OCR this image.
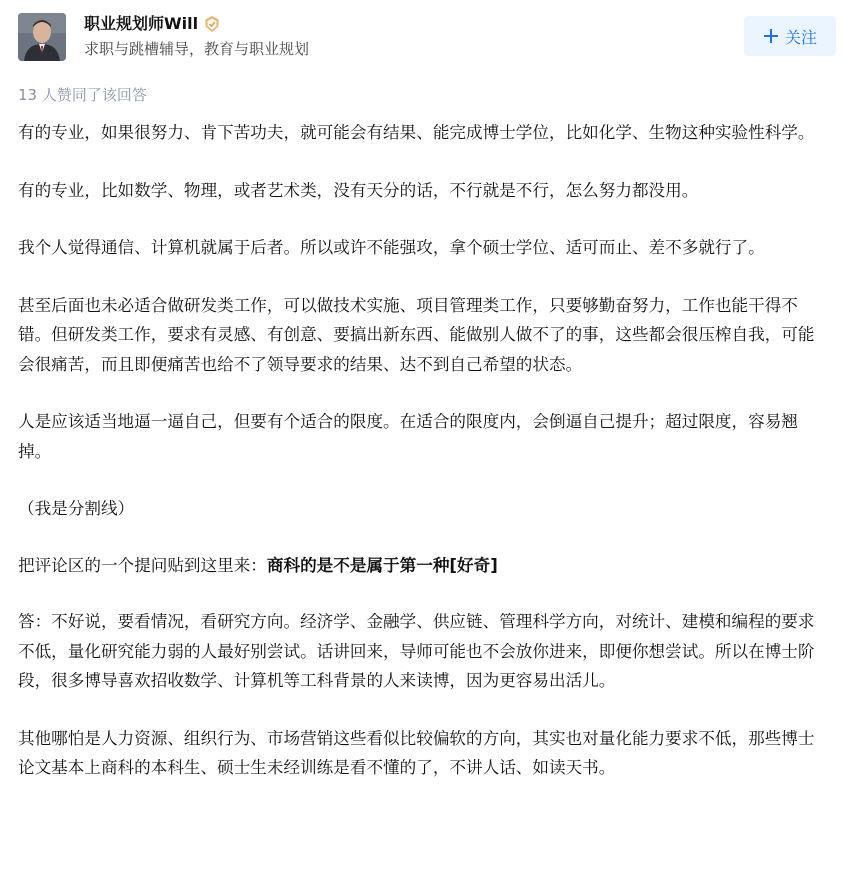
职业规划师Will
求职与跳槽辅导，教育与职业规划
关注
13 人赞同了该回答

有的专业，如果很努力、肯下苦功夫，就可能会有结果、能完成博士学位，比如化学、生物这种实验性科学。

有的专业，比如数学、物理，或者艺术类，没有天分的话，不行就是不行，怎么努力都没用。

我个人觉得通信、计算机就属于后者。所以或许不能强攻，拿个硕士学位、适可而止、差不多就行了。

甚至后面也未必适合做研发类工作，可以做技术实施、项目管理类工作，只要够勤奋努力，工作也能干得不错。但研发类工作，要求有灵感、有创意、要搞出新东西、能做别人做不了的事，这些都会很压榨自我，可能会很痛苦，而且即便痛苦也给不了领导要求的结果、达不到自己希望的状态。

人是应该适当地逼一逼自己，但要有个适合的限度。在适合的限度内，会倒逼自己提升；超过限度，容易翘掉。

（我是分割线）

把评论区的一个提问贴到这里来：商科的是不是属于第一种[好奇]

答：不好说，要看情况，看研究方向。经济学、金融学、供应链、管理科学方向，对统计、建模和编程的要求不低，量化研究能力弱的人最好别尝试。话讲回来，导师可能也不会放你进来，即便你想尝试。所以在博士阶段，很多博导喜欢招收数学、计算机等工科背景的人来读博，因为更容易出活儿。

其他哪怕是人力资源、组织行为、市场营销这些看似比较偏软的方向，其实也对量化能力要求不低，那些博士论文基本上商科的本科生、硕士生未经训练是看不懂的了，不讲人话、如读天书。
